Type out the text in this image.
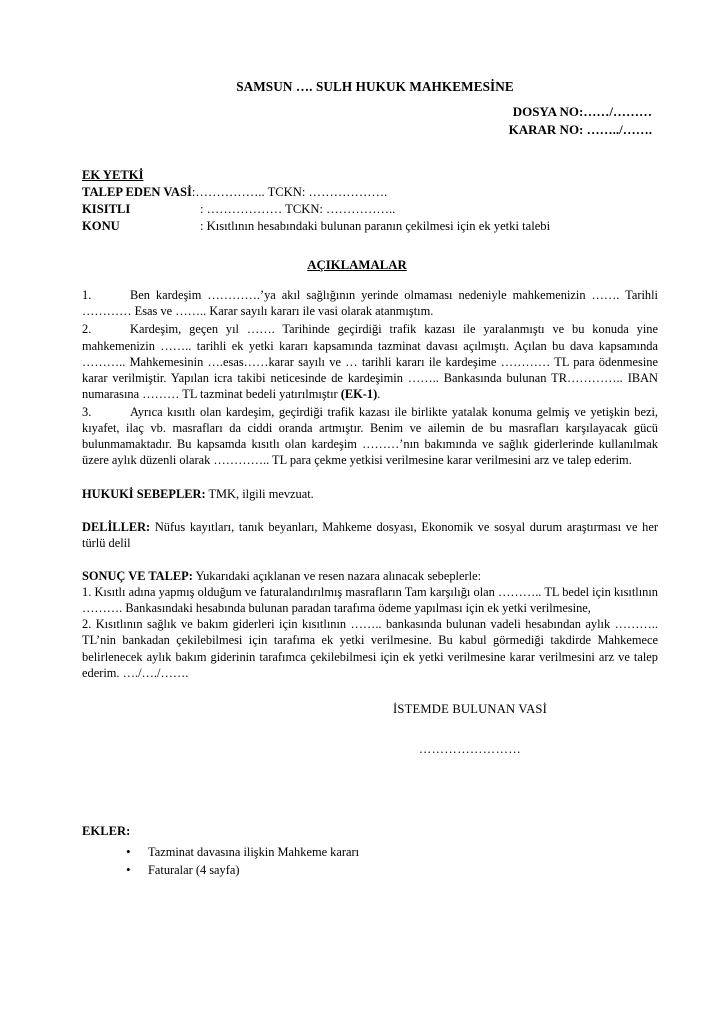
SAMSUN …. SULH HUKUK MAHKEMESİNE
DOSYA NO:……/………
KARAR NO: ……../…….
EK YETKİ
TALEP EDEN VASİ:…………….. TCKN: ……………….
KISITLI	: ……………… TCKN: ……………..
KONU	: Kısıtlının hesabındaki bulunan paranın çekilmesi için ek yetki talebi
AÇIKLAMALAR
1.	Ben kardeşim ………….’ya akıl sağlığının yerinde olmaması nedeniyle mahkemenizin ……. Tarihli ………… Esas ve …….. Karar sayılı kararı ile vasi olarak atanmıştım.
2.	Kardeşim, geçen yıl ……. Tarihinde geçirdiği trafik kazası ile yaralanmıştı ve bu konuda yine mahkemenizin …….. tarihli ek yetki kararı kapsamında tazminat davası açılmıştı. Açılan bu dava kapsamında ……….. Mahkemesinin ….esas……karar sayılı ve … tarihli kararı ile kardeşime ………… TL para ödenmesine karar verilmiştir. Yapılan icra takibi neticesinde de kardeşimin …….. Bankasında bulunan TR………….. IBAN numarasına ……… TL tazminat bedeli yatırılmıştır (EK-1).
3.	Ayrıca kısıtlı olan kardeşim, geçirdiği trafik kazası ile birlikte yatalak konuma gelmiş ve yetişkin bezi, kıyafet, ilaç vb. masrafları da ciddi oranda artmıştır. Benim ve ailemin de bu masrafları karşılayacak gücü bulunmamaktadır. Bu kapsamda kısıtlı olan kardeşim ………’nın bakımında ve sağlık giderlerinde kullanılmak üzere aylık düzenli olarak ………….. TL para çekme yetkisi verilmesine karar verilmesini arz ve talep ederim.

HUKUKİ SEBEPLER: TMK, ilgili mevzuat.

DELİLLER: Nüfus kayıtları, tanık beyanları, Mahkeme dosyası, Ekonomik ve sosyal durum araştırması ve her türlü delil

SONUÇ VE TALEP: Yukarıdaki açıklanan ve resen nazara alınacak sebeplerle:

1. Kısıtlı adına yapmış olduğum ve faturalandırılmış masrafların Tam karşılığı olan ……….. TL bedel için kısıtlının ………. Bankasındaki hesabında bulunan paradan tarafıma ödeme yapılması için ek yetki verilmesine,

2. Kısıtlının sağlık ve bakım giderleri için kısıtlının …….. bankasında bulunan vadeli hesabından aylık ……….. TL’nin bankadan çekilebilmesi için tarafıma ek yetki verilmesine. Bu kabul görmediği takdirde Mahkemece belirlenecek aylık bakım giderinin tarafımca çekilebilmesi için ek yetki verilmesine karar verilmesini arz ve talep ederim. …./…./…….

İSTEMDE BULUNAN VASİ
……………………
EKLER:
• Tazminat davasına ilişkin Mahkeme kararı
• Faturalar (4 sayfa)
